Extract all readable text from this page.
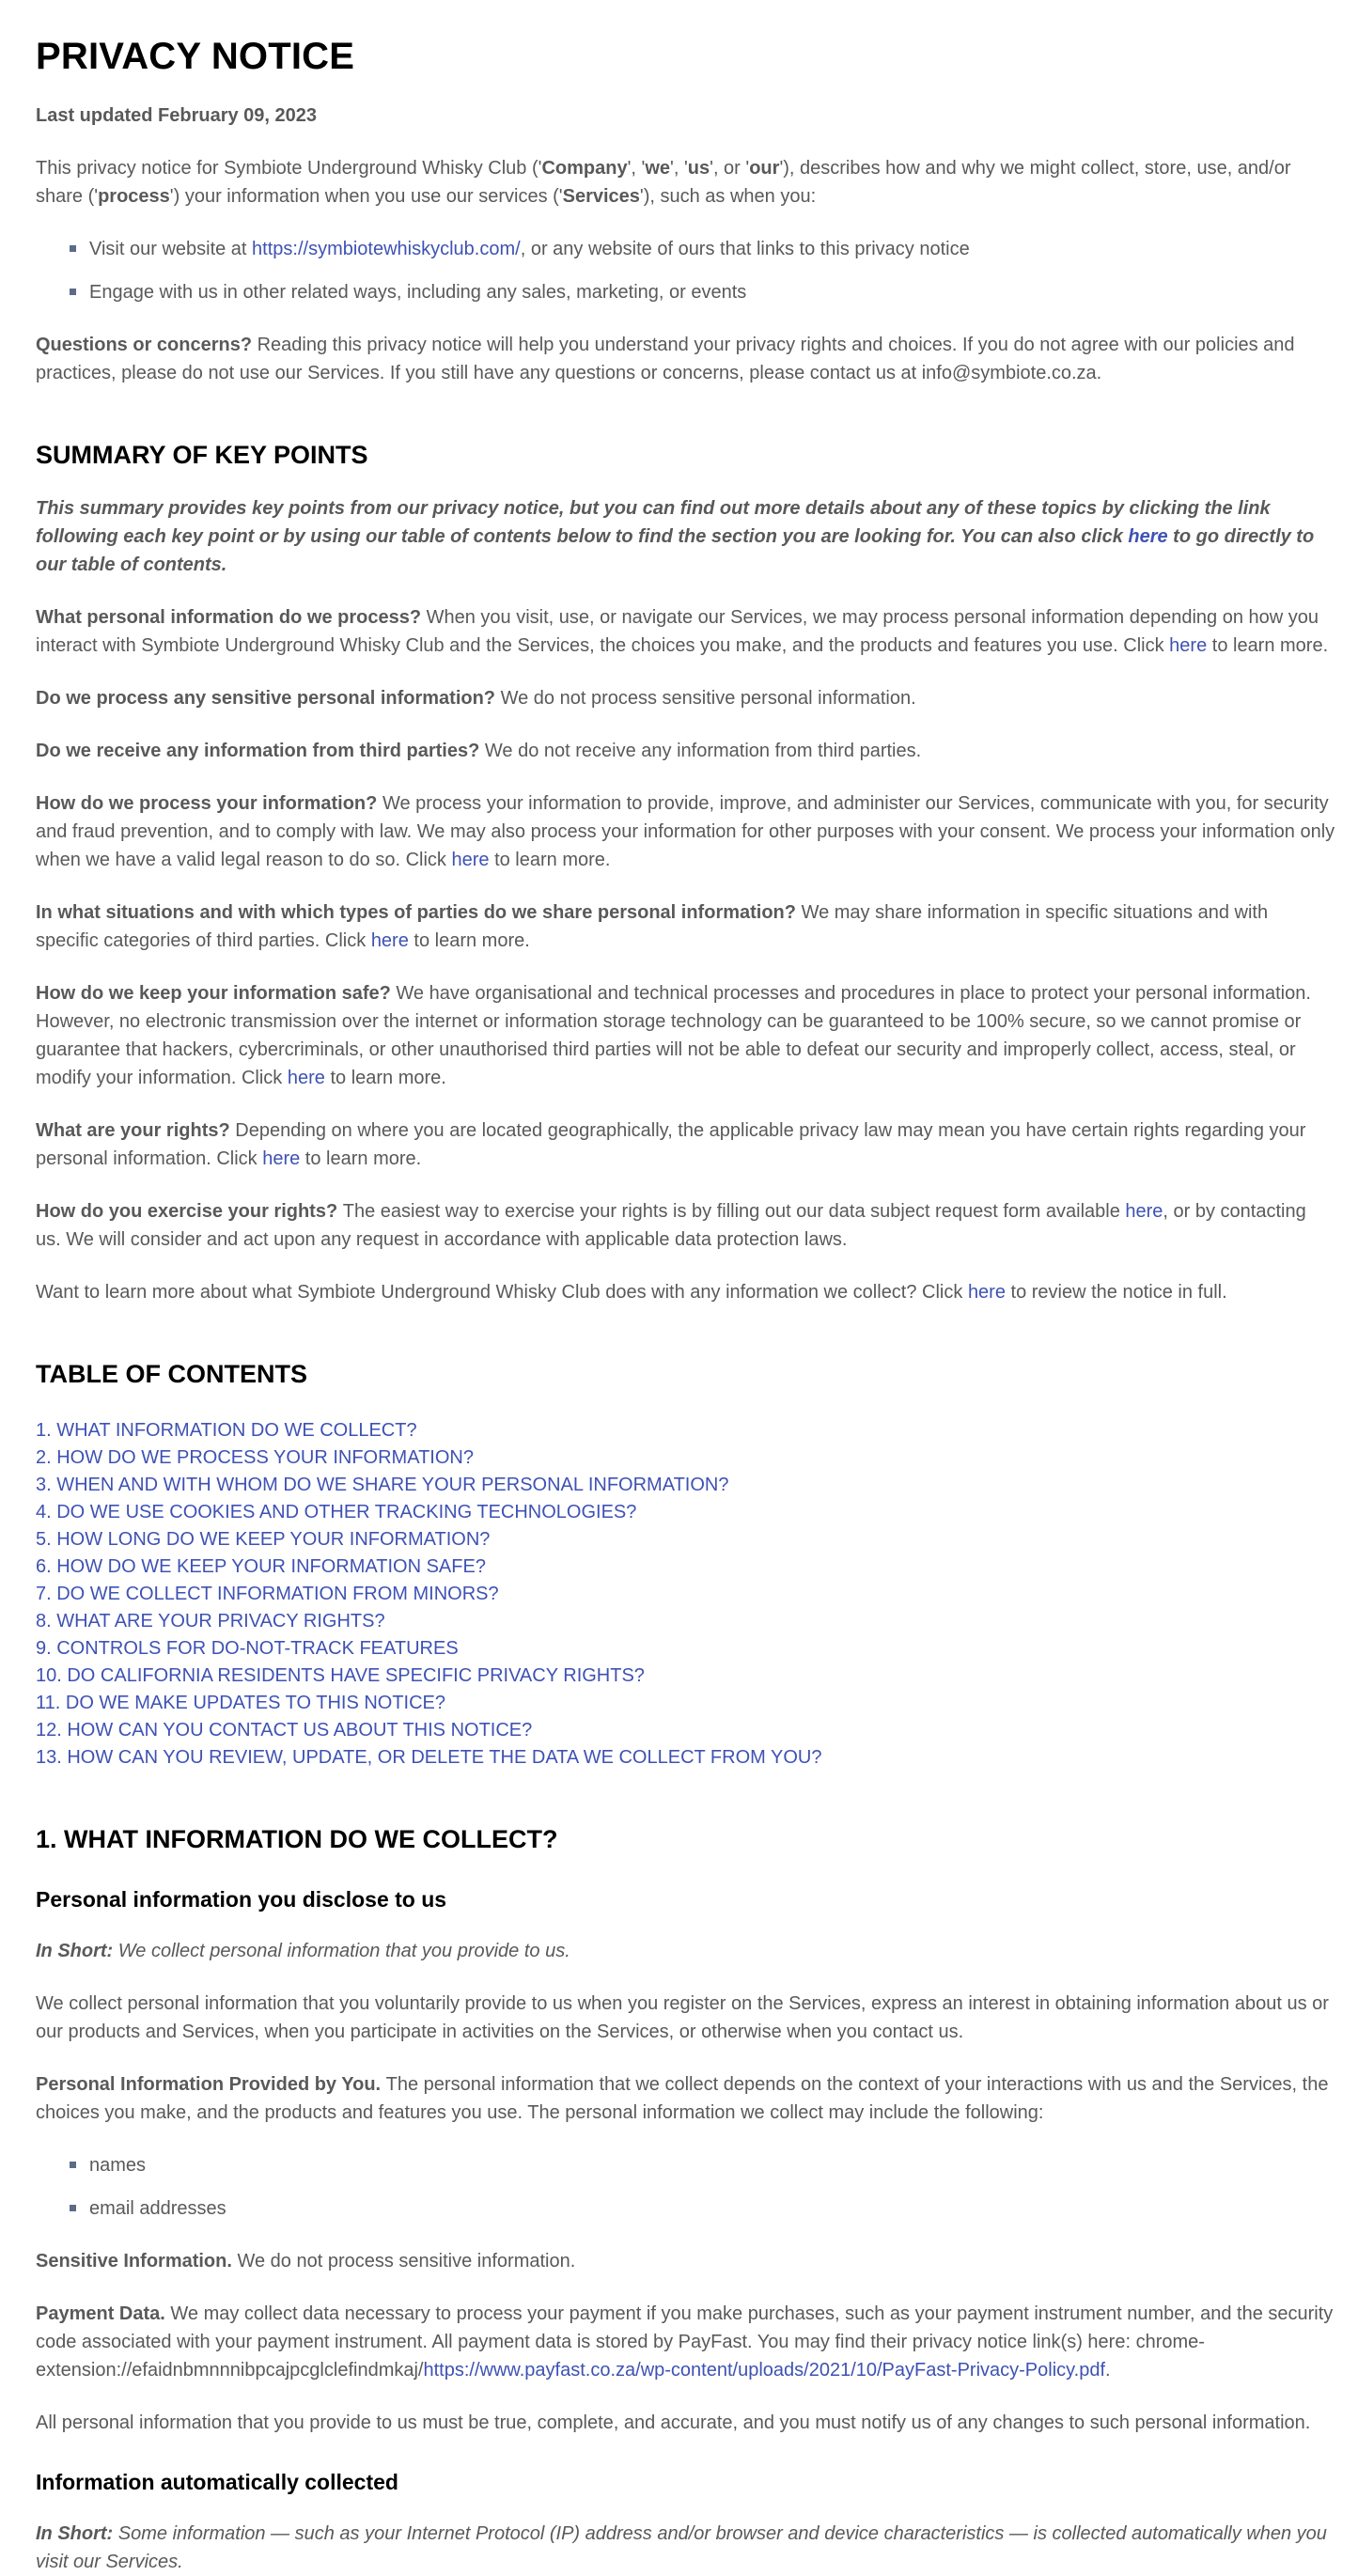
PRIVACY NOTICE

Last updated February 09, 2023

This privacy notice for Symbiote Underground Whisky Club ('Company', 'we', 'us', or 'our'), describes how and why we might collect, store, use, and/or share ('process') your information when you use our services ('Services'), such as when you:

Visit our website at https://symbiotewhiskyclub.com/, or any website of ours that links to this privacy notice
Engage with us in other related ways, including any sales, marketing, or events

Questions or concerns? Reading this privacy notice will help you understand your privacy rights and choices. If you do not agree with our policies and practices, please do not use our Services. If you still have any questions or concerns, please contact us at info@symbiote.co.za.

SUMMARY OF KEY POINTS

This summary provides key points from our privacy notice, but you can find out more details about any of these topics by clicking the link following each key point or by using our table of contents below to find the section you are looking for. You can also click here to go directly to our table of contents.

What personal information do we process? When you visit, use, or navigate our Services, we may process personal information depending on how you interact with Symbiote Underground Whisky Club and the Services, the choices you make, and the products and features you use. Click here to learn more.

Do we process any sensitive personal information? We do not process sensitive personal information.

Do we receive any information from third parties? We do not receive any information from third parties.

How do we process your information? We process your information to provide, improve, and administer our Services, communicate with you, for security and fraud prevention, and to comply with law. We may also process your information for other purposes with your consent. We process your information only when we have a valid legal reason to do so. Click here to learn more.

In what situations and with which types of parties do we share personal information? We may share information in specific situations and with specific categories of third parties. Click here to learn more.

How do we keep your information safe? We have organisational and technical processes and procedures in place to protect your personal information. However, no electronic transmission over the internet or information storage technology can be guaranteed to be 100% secure, so we cannot promise or guarantee that hackers, cybercriminals, or other unauthorised third parties will not be able to defeat our security and improperly collect, access, steal, or modify your information. Click here to learn more.

What are your rights? Depending on where you are located geographically, the applicable privacy law may mean you have certain rights regarding your personal information. Click here to learn more.

How do you exercise your rights? The easiest way to exercise your rights is by filling out our data subject request form available here, or by contacting us. We will consider and act upon any request in accordance with applicable data protection laws.

Want to learn more about what Symbiote Underground Whisky Club does with any information we collect? Click here to review the notice in full.

TABLE OF CONTENTS
1. WHAT INFORMATION DO WE COLLECT?
2. HOW DO WE PROCESS YOUR INFORMATION?
3. WHEN AND WITH WHOM DO WE SHARE YOUR PERSONAL INFORMATION?
4. DO WE USE COOKIES AND OTHER TRACKING TECHNOLOGIES?
5. HOW LONG DO WE KEEP YOUR INFORMATION?
6. HOW DO WE KEEP YOUR INFORMATION SAFE?
7. DO WE COLLECT INFORMATION FROM MINORS?
8. WHAT ARE YOUR PRIVACY RIGHTS?
9. CONTROLS FOR DO-NOT-TRACK FEATURES
10. DO CALIFORNIA RESIDENTS HAVE SPECIFIC PRIVACY RIGHTS?
11. DO WE MAKE UPDATES TO THIS NOTICE?
12. HOW CAN YOU CONTACT US ABOUT THIS NOTICE?
13. HOW CAN YOU REVIEW, UPDATE, OR DELETE THE DATA WE COLLECT FROM YOU?
1. WHAT INFORMATION DO WE COLLECT?
Personal information you disclose to us

In Short: We collect personal information that you provide to us.

We collect personal information that you voluntarily provide to us when you register on the Services, express an interest in obtaining information about us or our products and Services, when you participate in activities on the Services, or otherwise when you contact us.

Personal Information Provided by You. The personal information that we collect depends on the context of your interactions with us and the Services, the choices you make, and the products and features you use. The personal information we collect may include the following:

names
email addresses

Sensitive Information. We do not process sensitive information.

Payment Data. We may collect data necessary to process your payment if you make purchases, such as your payment instrument number, and the security code associated with your payment instrument. All payment data is stored by PayFast. You may find their privacy notice link(s) here: chrome-extension://efaidnbmnnnibpcajpcglclefindmkaj/https://www.payfast.co.za/wp-content/uploads/2021/10/PayFast-Privacy-Policy.pdf.

All personal information that you provide to us must be true, complete, and accurate, and you must notify us of any changes to such personal information.

Information automatically collected

In Short: Some information — such as your Internet Protocol (IP) address and/or browser and device characteristics — is collected automatically when you visit our Services.
